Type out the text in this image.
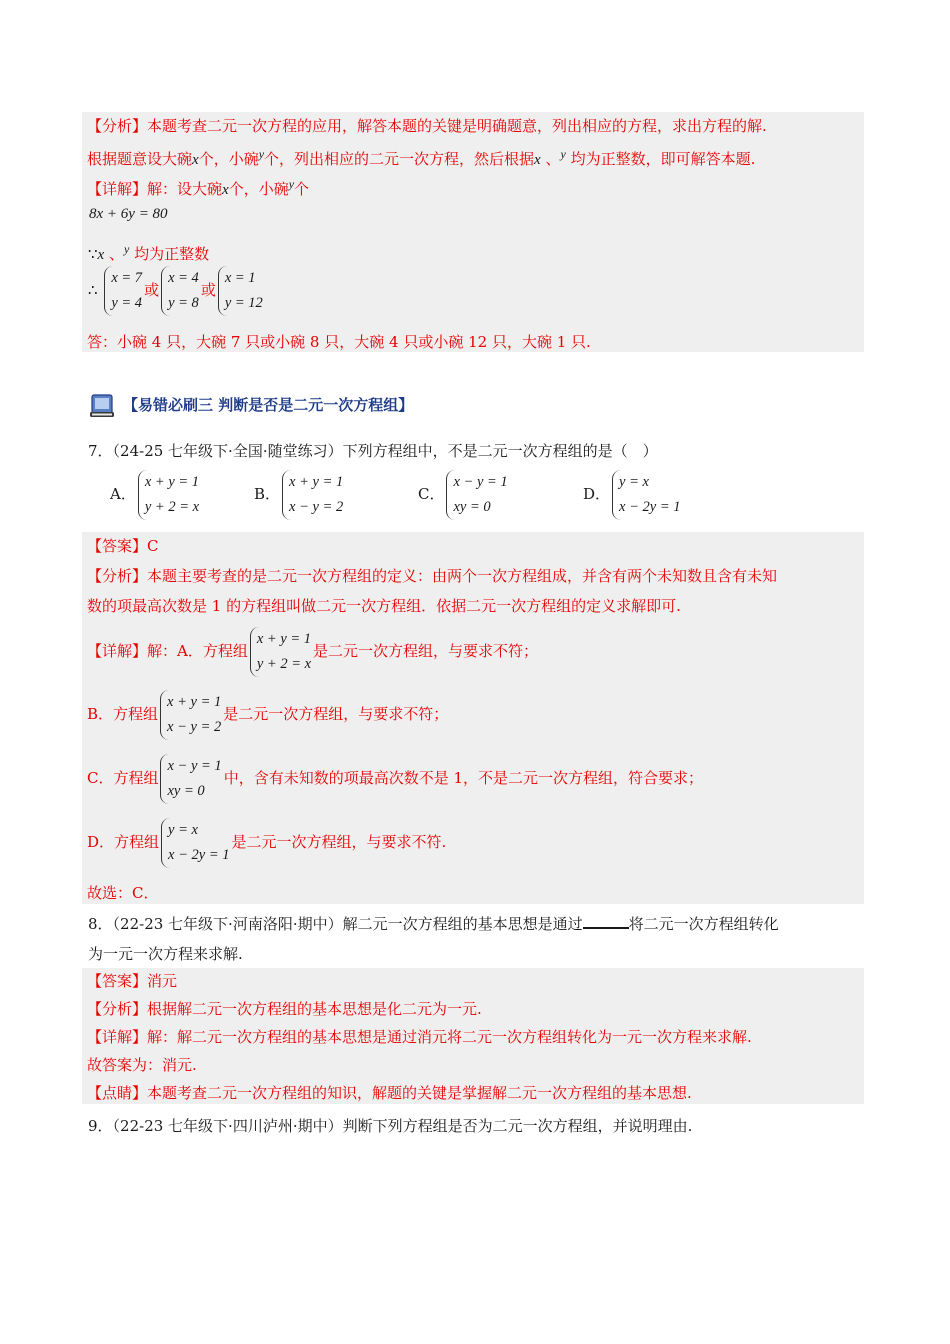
【分析】本题考查二元一次方程的应用，解答本题的关键是明确题意，列出相应的方程，求出方程的解.
根据题意设大碗x个，小碗$^y$个，列出相应的二元一次方程，然后根据x 、$^y$ 均为正整数，即可解答本题.
【详解】解：设大碗x个，小碗$^y$个
8x + 6y = 80
∵x 、$^y$ 均为正整数
∴
x = 7
y = 4
或
x = 4
y = 8
或
x = 1
y = 12
答：小碗 4 只，大碗 7 只或小碗 8 只，大碗 4 只或小碗 12 只，大碗 1 只.
【易错必刷三 判断是否是二元一次方程组】
7．（24-25 七年级下·全国·随堂练习）下列方程组中，不是二元一次方程组的是（　）
A．
x + y = 1
y + 2 = x
B．
x + y = 1
x − y = 2
C．
x − y = 1
xy = 0
D．
y = x
x − 2y = 1
【答案】C
【分析】本题主要考查的是二元一次方程组的定义：由两个一次方程组成，并含有两个未知数且含有未知
数的项最高次数是 1 的方程组叫做二元一次方程组．依据二元一次方程组的定义求解即可.
【详解】解：A．方程组
x + y = 1
y + 2 = x
是二元一次方程组，与要求不符；
B．方程组
x + y = 1
x − y = 2
是二元一次方程组，与要求不符；
C．方程组
x − y = 1
xy = 0
中，含有未知数的项最高次数不是 1，不是二元一次方程组，符合要求；
D．方程组
y = x
x − 2y = 1
是二元一次方程组，与要求不符.
故选：C．
8．（22-23 七年级下·河南洛阳·期中）解二元一次方程组的基本思想是通过	将二元一次方程组转化
为一元一次方程来求解.
【答案】消元
【分析】根据解二元一次方程组的基本思想是化二元为一元.
【详解】解：解二元一次方程组的基本思想是通过消元将二元一次方程组转化为一元一次方程来求解.
故答案为：消元.
【点睛】本题考查二元一次方程组的知识，解题的关键是掌握解二元一次方程组的基本思想.
9．（22-23 七年级下·四川泸州·期中）判断下列方程组是否为二元一次方程组，并说明理由.
